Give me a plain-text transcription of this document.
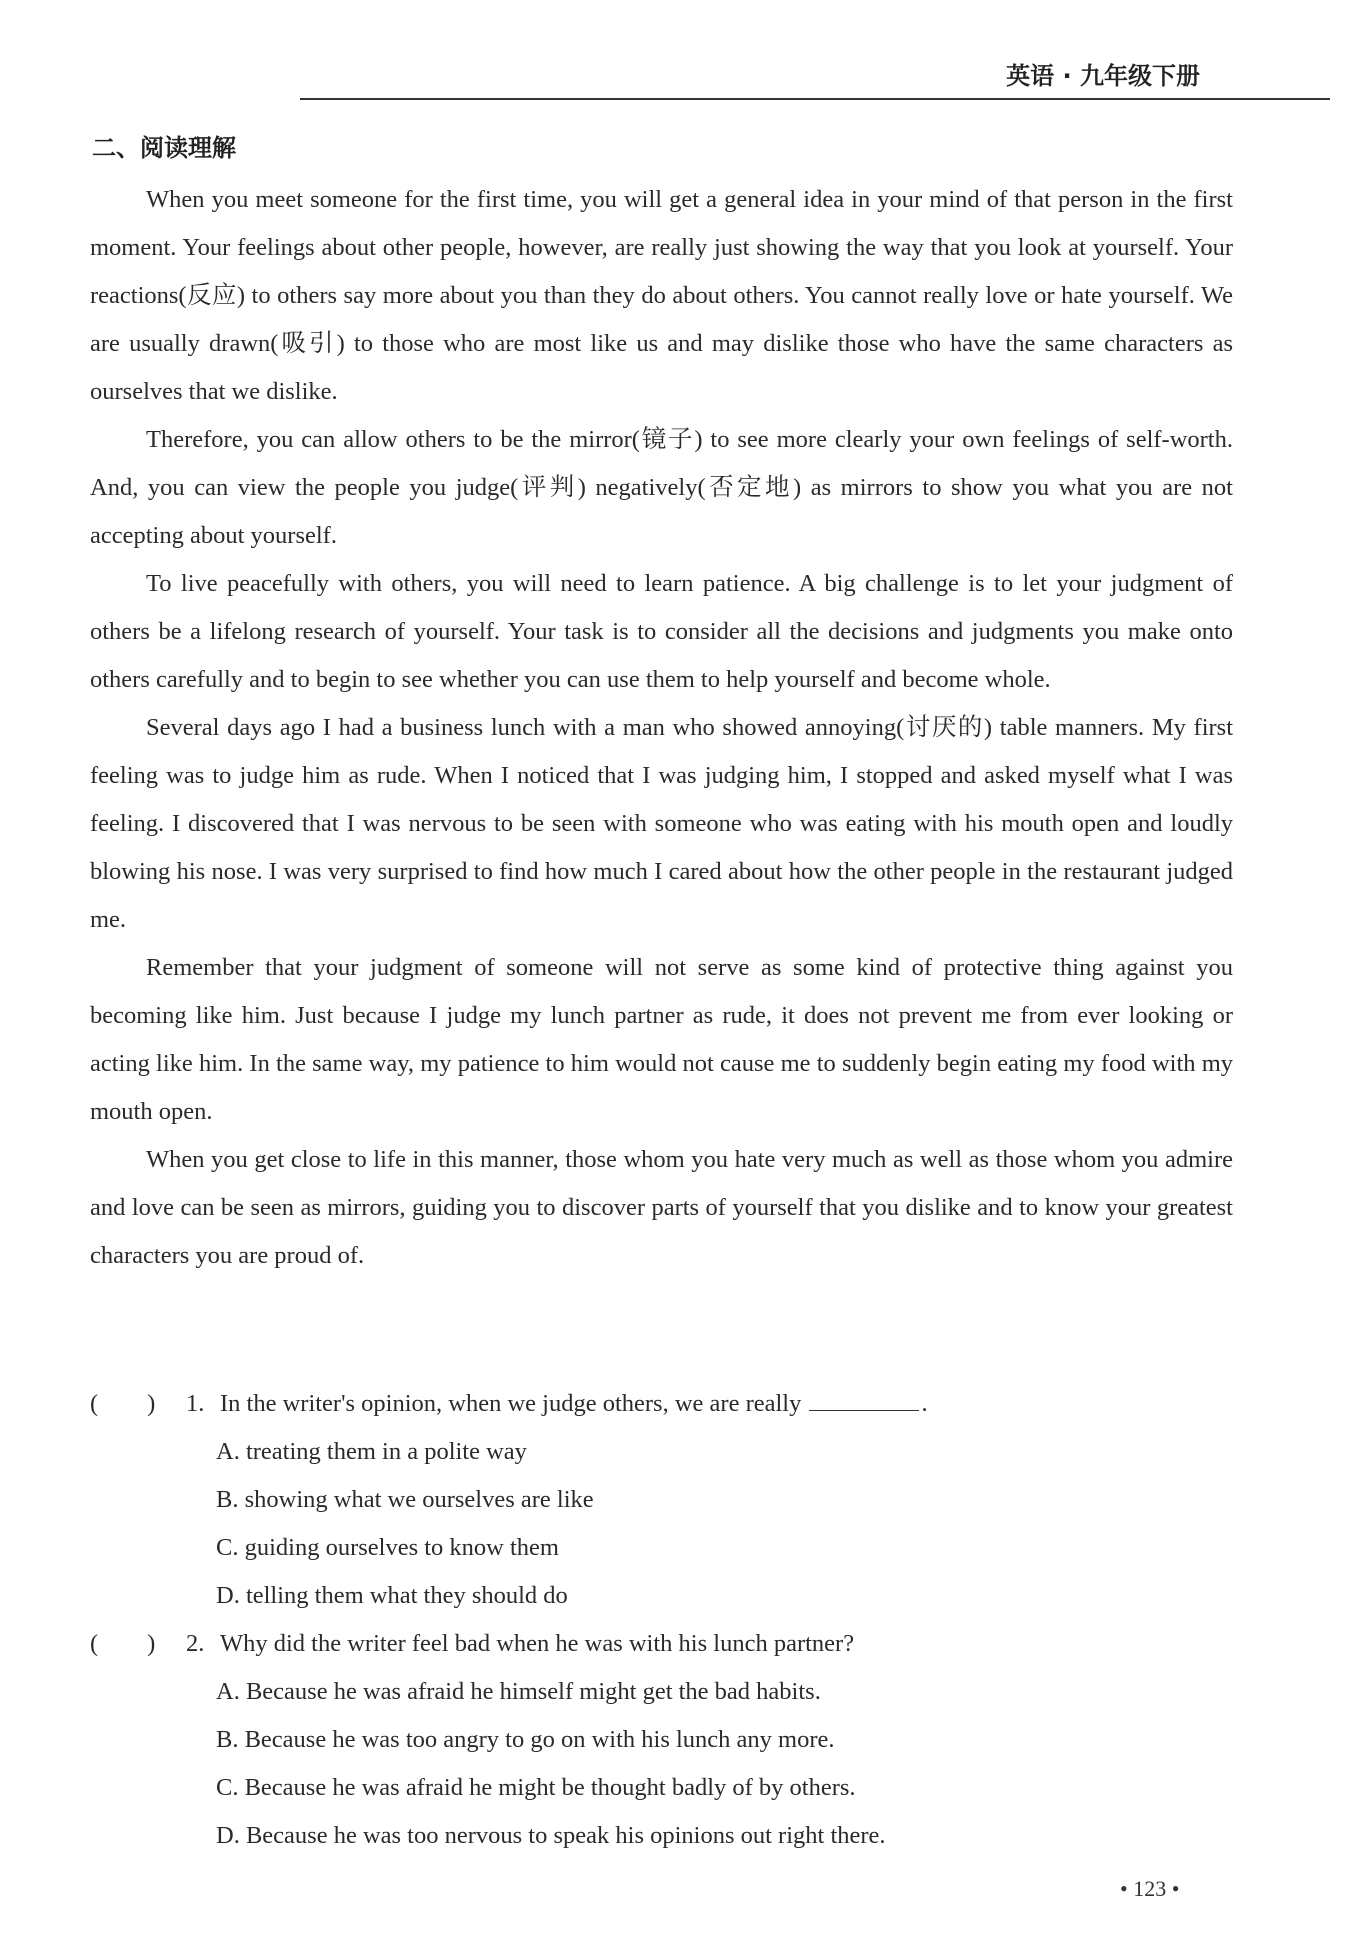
英语 · 九年级下册
二、阅读理解

When you meet someone for the first time, you will get a general idea in your mind of that person in the first moment. Your feelings about other people, however, are really just showing the way that you look at yourself. Your reactions(反应) to others say more about you than they do about others. You cannot really love or hate yourself. We are usually drawn(吸引) to those who are most like us and may dislike those who have the same characters as ourselves that we dislike.

Therefore, you can allow others to be the mirror(镜子) to see more clearly your own feelings of self-worth. And, you can view the people you judge(评判) negatively(否定地) as mirrors to show you what you are not accepting about yourself.

To live peacefully with others, you will need to learn patience. A big challenge is to let your judgment of others be a lifelong research of yourself. Your task is to consider all the decisions and judgments you make onto others carefully and to begin to see whether you can use them to help yourself and become whole.

Several days ago I had a business lunch with a man who showed annoying(讨厌的) table manners. My first feeling was to judge him as rude. When I noticed that I was judging him, I stopped and asked myself what I was feeling. I discovered that I was nervous to be seen with someone who was eating with his mouth open and loudly blowing his nose. I was very surprised to find how much I cared about how the other people in the restaurant judged me.

Remember that your judgment of someone will not serve as some kind of protective thing against you becoming like him. Just because I judge my lunch partner as rude, it does not prevent me from ever looking or acting like him. In the same way, my patience to him would not cause me to suddenly begin eating my food with my mouth open.

When you get close to life in this manner, those whom you hate very much as well as those whom you admire and love can be seen as mirrors, guiding you to discover parts of yourself that you dislike and to know your greatest characters you are proud of.

(        )	1. In the writer's opinion, when we judge others, we are really	.
A. treating them in a polite way
B. showing what we ourselves are like
C. guiding ourselves to know them
D. telling them what they should do
(        )	2. Why did the writer feel bad when he was with his lunch partner?
A. Because he was afraid he himself might get the bad habits.
B. Because he was too angry to go on with his lunch any more.
C. Because he was afraid he might be thought badly of by others.
D. Because he was too nervous to speak his opinions out right there.
• 123 •
